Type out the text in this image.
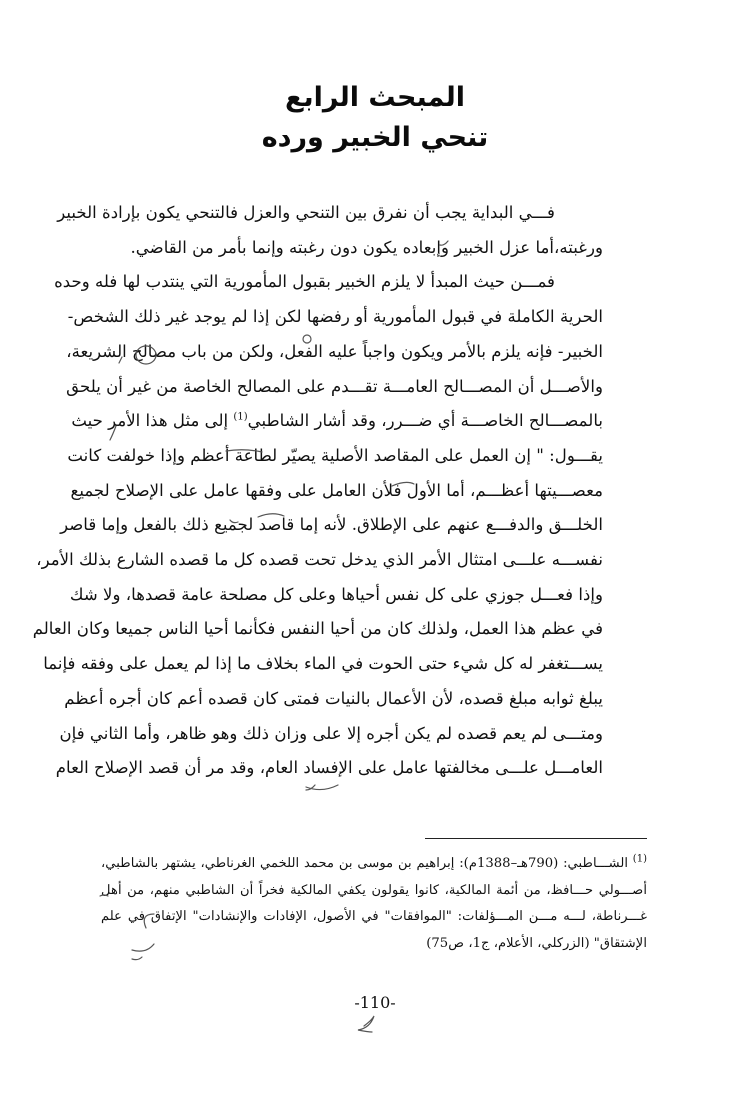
المبحث الرابع
تنحي الخبير ورده
فـــي البداية يجب أن نفرق بين التنحي والعزل فالتنحي يكون بإرادة الخبير
ورغبته،أما عزل الخبير وإبعاده يكون دون رغبته وإنما بأمر من القاضي.
فمـــن حيث المبدأ لا يلزم الخبير بقبول المأمورية التي ينتدب لها فله وحده
الحرية الكاملة في قبول المأمورية أو رفضها لكن إذا لم يوجد غير ذلك الشخص-
الخبير- فإنه يلزم بالأمر ويكون واجباً عليه الفعل، ولكن من باب مصالح الشريعة،
والأصـــل أن المصـــالح العامـــة تقـــدم على المصالح الخاصة من غير أن يلحق
بالمصـــالح الخاصـــة أي ضـــرر، وقد أشار الشاطبي$^{(1)}$ إلى مثل هذا الأمر حيث
يقـــول: " إن العمل على المقاصد الأصلية يصيّر لطاعة أعظم وإذا خولفت كانت
معصـــيتها أعظـــم، أما الأول فلأن العامل على وفقها عامل على الإصلاح لجميع
الخلـــق والدفـــع عنهم على الإطلاق. لأنه إما قاصد لجميع ذلك بالفعل وإما قاصر
نفســـه علـــى امتثال الأمر الذي يدخل تحت قصده كل ما قصده الشارع بذلك الأمر،
وإذا فعـــل جوزي على كل نفس أحياها وعلى كل مصلحة عامة قصدها، ولا شك
في عظم هذا العمل، ولذلك كان من أحيا النفس فكأنما أحيا الناس جميعا وكان العالم
يســـتغفر له كل شيء حتى الحوت في الماء بخلاف ما إذا لم يعمل على وفقه فإنما
يبلغ ثوابه مبلغ قصده، لأن الأعمال بالنيات فمتى كان قصده أعم كان أجره أعظم
ومتـــى لم يعم قصده لم يكن أجره إلا على وزان ذلك وهو ظاهر، وأما الثاني فإن
العامـــل علـــى مخالفتها عامل على الإفساد العام، وقد مر أن قصد الإصلاح العام
$^{(1)}$ الشـــاطبي: (790هـ–1388م): إبراهيم بن موسى بن محمد اللخمي الغرناطي، يشتهر بالشاطبي،
أصـــولي حـــافظ، من أئمة المالكية، كانوا يقولون يكفي المالكية فخراً أن الشاطبي منهم، من أهل
غـــرناطة، لـــه مـــن المـــؤلفات: "الموافقات" في الأصول، الإفادات والإنشادات" الإتفاق في علم
الإشتقاق" (الزركلي، الأعلام، ج1، ص75)
-110-
